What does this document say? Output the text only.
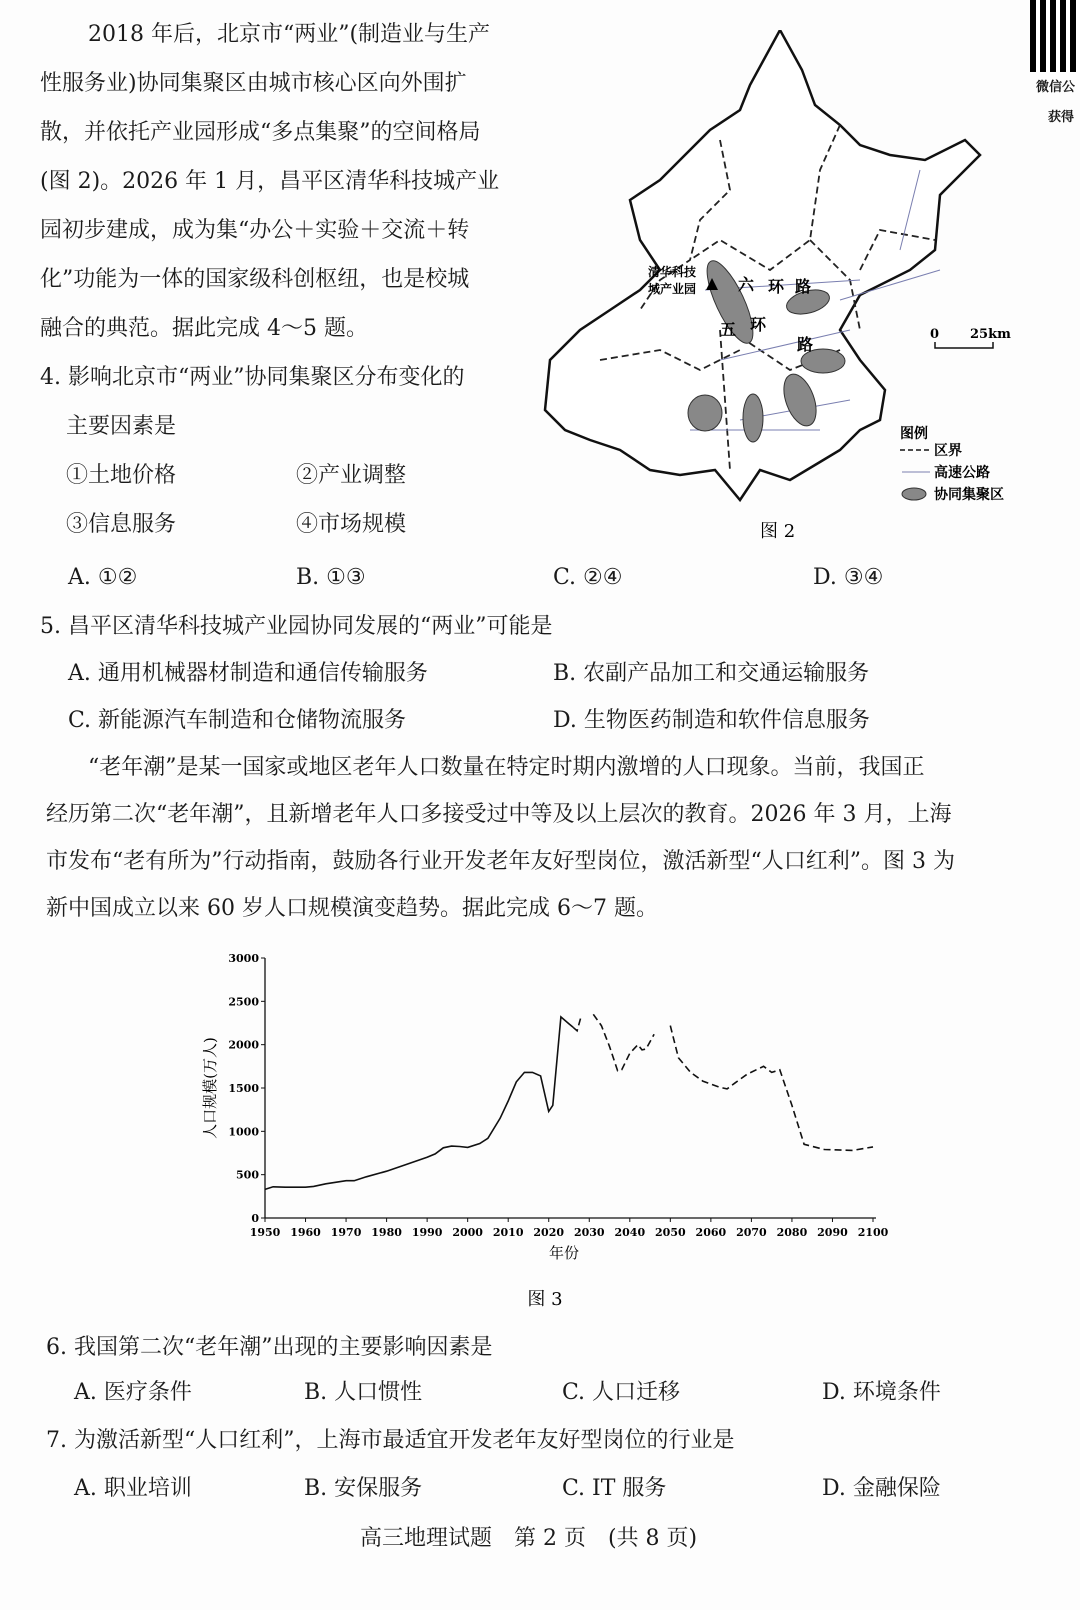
微信公
获得
2018 年后，北京市“两业”(制造业与生产
性服务业)协同集聚区由城市核心区向外围扩
散，并依托产业园形成“多点集聚”的空间格局
(图 2)。2026 年 1 月，昌平区清华科技城产业
园初步建成，成为集“办公＋实验＋交流＋转
化”功能为一体的国家级科创枢纽，也是校城
融合的典范。据此完成 4～5 题。
清华科技
城产业园	六 环 路
五 环
路
0 25km
图例
区界
高速公路
协同集聚区
图 2
4. 影响北京市“两业”协同集聚区分布变化的
主要因素是
①土地价格	②产业调整
③信息服务	④市场规模
A. ①②	B. ①③	C. ②④	D. ③④
5. 昌平区清华科技城产业园协同发展的“两业”可能是
A. 通用机械器材制造和通信传输服务	B. 农副产品加工和交通运输服务
C. 新能源汽车制造和仓储物流服务	D. 生物医药制造和软件信息服务
“老年潮”是某一国家或地区老年人口数量在特定时期内激增的人口现象。当前，我国正
经历第二次“老年潮”，且新增老年人口多接受过中等及以上层次的教育。2026 年 3 月，上海
市发布“老有所为”行动指南，鼓励各行业开发老年友好型岗位，激活新型“人口红利”。图 3 为
新中国成立以来 60 岁人口规模演变趋势。据此完成 6～7 题。
0
500
1000
1500
2000
2500
3000
1950 1960 1970 1980 1990 2000 2010 2020 2030 2040 2050 2060 2070 2080 2090 2100
年份
人口规模(万人)
图 3
6. 我国第二次“老年潮”出现的主要影响因素是
A. 医疗条件	B. 人口惯性	C. 人口迁移	D. 环境条件
7. 为激活新型“人口红利”，上海市最适宜开发老年友好型岗位的行业是
A. 职业培训	B. 安保服务	C. IT 服务	D. 金融保险
高三地理试题　第 2 页　(共 8 页)
